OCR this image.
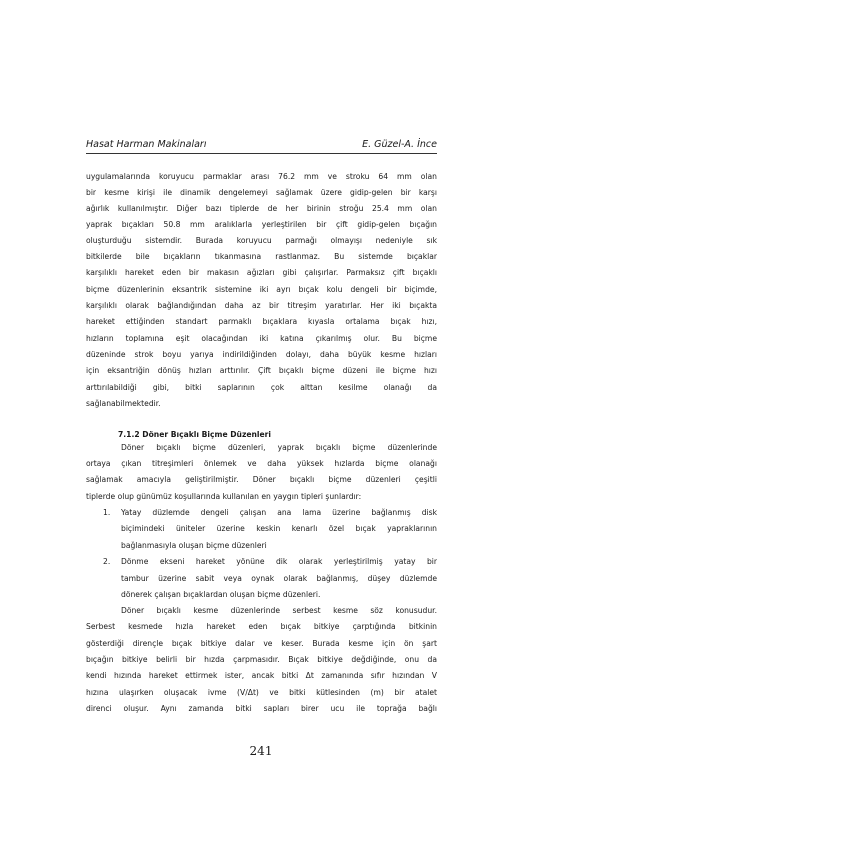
Hasat Harman Makinaları	E. Güzel-A. İnce
uygulamalarında koruyucu parmaklar arası 76.2 mm ve stroku 64 mm olan
bir kesme kirişi ile dinamik dengelemeyi sağlamak üzere gidip-gelen bir karşı
ağırlık kullanılmıştır. Diğer bazı tiplerde de her birinin stroğu 25.4 mm olan
yaprak bıçakları 50.8 mm aralıklarla yerleştirilen bir çift gidip-gelen bıçağın
oluşturduğu sistemdir. Burada koruyucu parmağı olmayışı nedeniyle sık
bitkilerde bile bıçakların tıkanmasına rastlanmaz. Bu sistemde bıçaklar
karşılıklı hareket eden bir makasın ağızları gibi çalışırlar. Parmaksız çift bıçaklı
biçme düzenlerinin eksantrik sistemine iki ayrı bıçak kolu dengeli bir biçimde,
karşılıklı olarak bağlandığından daha az bir titreşim yaratırlar. Her iki bıçakta
hareket ettiğinden standart parmaklı bıçaklara kıyasla ortalama bıçak hızı,
hızların toplamına eşit olacağından iki katına çıkarılmış olur. Bu biçme
düzeninde strok boyu yarıya indirildiğinden dolayı, daha büyük kesme hızları
için eksantriğin dönüş hızları arttırılır. Çift bıçaklı biçme düzeni ile biçme hızı
arttırılabildiği gibi, bitki saplarının çok alttan kesilme olanağı da
sağlanabilmektedir.
7.1.2 Döner Bıçaklı Biçme Düzenleri
Döner bıçaklı biçme düzenleri, yaprak bıçaklı biçme düzenlerinde
ortaya çıkan titreşimleri önlemek ve daha yüksek hızlarda biçme olanağı
sağlamak amacıyla geliştirilmiştir. Döner bıçaklı biçme düzenleri çeşitli
tiplerde olup günümüz koşullarında kullanılan en yaygın tipleri şunlardır:
1. Yatay düzlemde dengeli çalışan ana lama üzerine bağlanmış disk
biçimindeki üniteler üzerine keskin kenarlı özel bıçak yapraklarının
bağlanmasıyla oluşan biçme düzenleri
2. Dönme ekseni hareket yönüne dik olarak yerleştirilmiş yatay bir
tambur üzerine sabit veya oynak olarak bağlanmış, düşey düzlemde
dönerek çalışan bıçaklardan oluşan biçme düzenleri.
Döner bıçaklı kesme düzenlerinde serbest kesme söz konusudur.
Serbest kesmede hızla hareket eden bıçak bitkiye çarptığında bitkinin
gösterdiği dirençle bıçak bitkiye dalar ve keser. Burada kesme için ön şart
bıçağın bitkiye belirli bir hızda çarpmasıdır. Bıçak bitkiye değdiğinde, onu da
kendi hızında hareket ettirmek ister, ancak bitki Δt zamanında sıfır hızından V
hızına ulaşırken oluşacak ivme (V/Δt) ve bitki kütlesinden (m) bir atalet
direnci oluşur. Aynı zamanda bitki sapları birer ucu ile toprağa bağlı
241
